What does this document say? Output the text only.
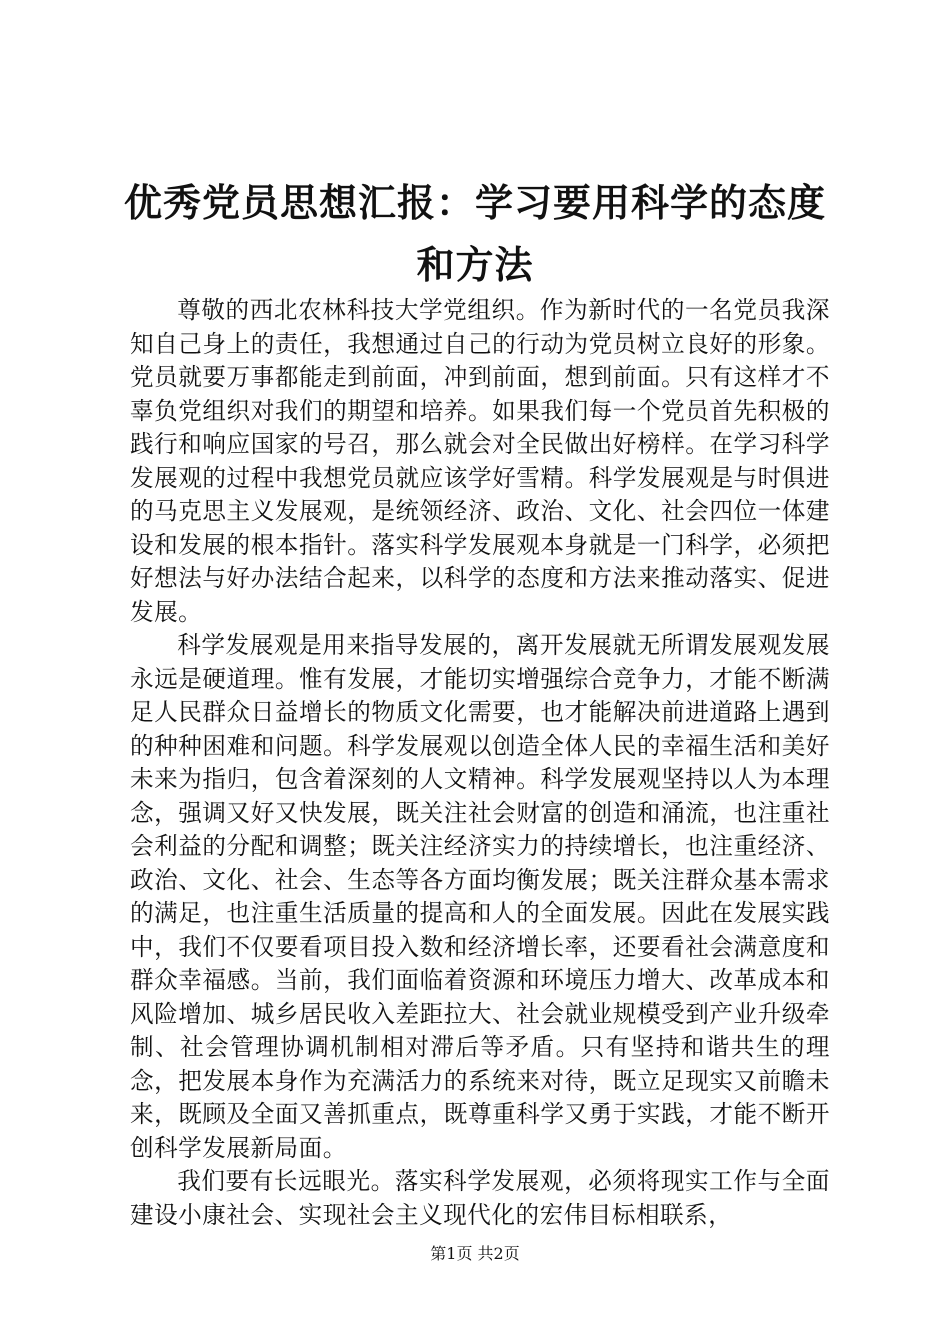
优秀党员思想汇报：学习要用科学的态度和方法

尊敬的西北农林科技大学党组织。作为新时代的一名党员我深知自己身上的责任，我想通过自己的行动为党员树立良好的形象。党员就要万事都能走到前面，冲到前面，想到前面。只有这样才不辜负党组织对我们的期望和培养。如果我们每一个党员首先积极的践行和响应国家的号召，那么就会对全民做出好榜样。在学习科学发展观的过程中我想党员就应该学好雪精。科学发展观是与时俱进的马克思主义发展观，是统领经济、政治、文化、社会四位一体建设和发展的根本指针。落实科学发展观本身就是一门科学，必须把好想法与好办法结合起来，以科学的态度和方法来推动落实、促进发展。

科学发展观是用来指导发展的，离开发展就无所谓发展观发展永远是硬道理。惟有发展，才能切实增强综合竞争力，才能不断满足人民群众日益增长的物质文化需要，也才能解决前进道路上遇到的种种困难和问题。科学发展观以创造全体人民的幸福生活和美好未来为指归，包含着深刻的人文精神。科学发展观坚持以人为本理念，强调又好又快发展，既关注社会财富的创造和涌流，也注重社会利益的分配和调整；既关注经济实力的持续增长，也注重经济、政治、文化、社会、生态等各方面均衡发展；既关注群众基本需求的满足，也注重生活质量的提高和人的全面发展。因此在发展实践中，我们不仅要看项目投入数和经济增长率，还要看社会满意度和群众幸福感。当前，我们面临着资源和环境压力增大、改革成本和风险增加、城乡居民收入差距拉大、社会就业规模受到产业升级牵制、社会管理协调机制相对滞后等矛盾。只有坚持和谐共生的理念，把发展本身作为充满活力的系统来对待，既立足现实又前瞻未来，既顾及全面又善抓重点，既尊重科学又勇于实践，才能不断开创科学发展新局面。

我们要有长远眼光。落实科学发展观，必须将现实工作与全面建设小康社会、实现社会主义现代化的宏伟目标相联系，

第1页 共2页
